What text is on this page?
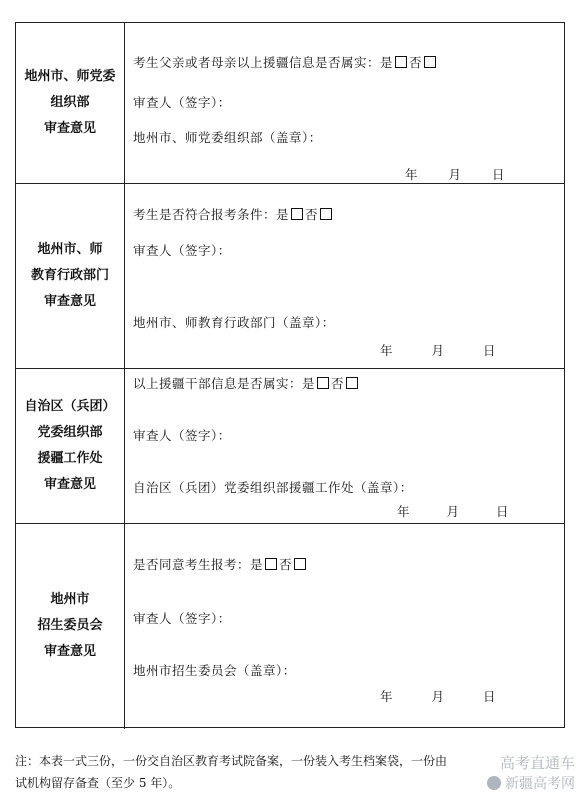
地州市、师党委
组织部
审查意见
考生父亲或者母亲以上援疆信息是否属实：是 否
审查人（签字）：
地州市、师党委组织部（盖章）：
年 月 日
地州市、师
教育行政部门
审查意见
考生是否符合报考条件：是 否
审查人（签字）：
地州市、师教育行政部门（盖章）：
年	月	日
自治区（兵团）
党委组织部
援疆工作处
审查意见
以上援疆干部信息是否属实：是 否
审查人（签字）：
自治区（兵团）党委组织部援疆工作处（盖章）：
年	月	日
地州市
招生委员会
审查意见
是否同意考生报考：是 否
审查人（签字）：
地州市招生委员会（盖章）：
年	月	日
注：本表一式三份，一份交自治区教育考试院备案，一份装入考生档案袋，一份由
试机构留存备查（至少 5 年）。
高考直通车
新疆高考网
